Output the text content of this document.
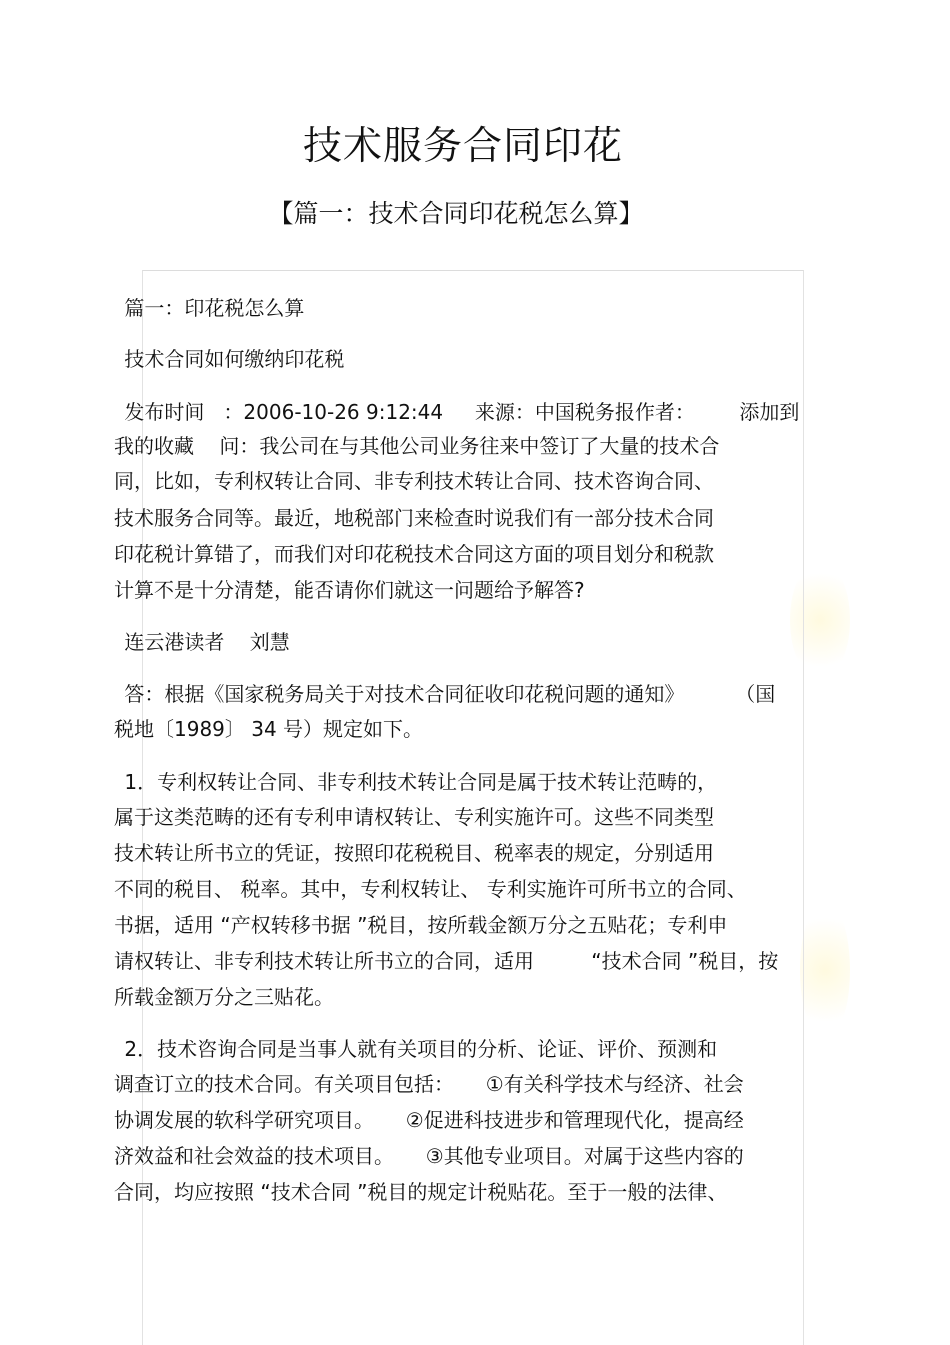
技术服务合同印花
【篇一：技术合同印花税怎么算】
篇一：印花税怎么算
技术合同如何缴纳印花税
发布时间   ：2006-10-26 9:12:44     来源：中国税务报作者：       添加到
我的收藏    问：我公司在与其他公司业务往来中签订了大量的技术合
同，比如，专利权转让合同、非专利技术转让合同、技术咨询合同、
技术服务合同等。最近，地税部门来检查时说我们有一部分技术合同
印花税计算错了，而我们对印花税技术合同这方面的项目划分和税款
计算不是十分清楚，能否请你们就这一问题给予解答?
连云港读者    刘慧
答：根据《国家税务局关于对技术合同征收印花税问题的通知》        （国
税地〔1989〕 34 号）规定如下。
1．专利权转让合同、非专利技术转让合同是属于技术转让范畴的，
属于这类范畴的还有专利申请权转让、专利实施许可。这些不同类型
技术转让所书立的凭证，按照印花税税目、税率表的规定，分别适用
不同的税目、 税率。其中，专利权转让、 专利实施许可所书立的合同、
书据，适用 “产权转移书据 ”税目，按所载金额万分之五贴花；专利申
请权转让、非专利技术转让所书立的合同，适用         “技术合同 ”税目，按
所载金额万分之三贴花。
2．技术咨询合同是当事人就有关项目的分析、论证、评价、预测和
调查订立的技术合同。有关项目包括：     ①有关科学技术与经济、社会
协调发展的软科学研究项目。     ②促进科技进步和管理现代化，提高经
济效益和社会效益的技术项目。     ③其他专业项目。对属于这些内容的
合同，均应按照 “技术合同 ”税目的规定计税贴花。至于一般的法律、
